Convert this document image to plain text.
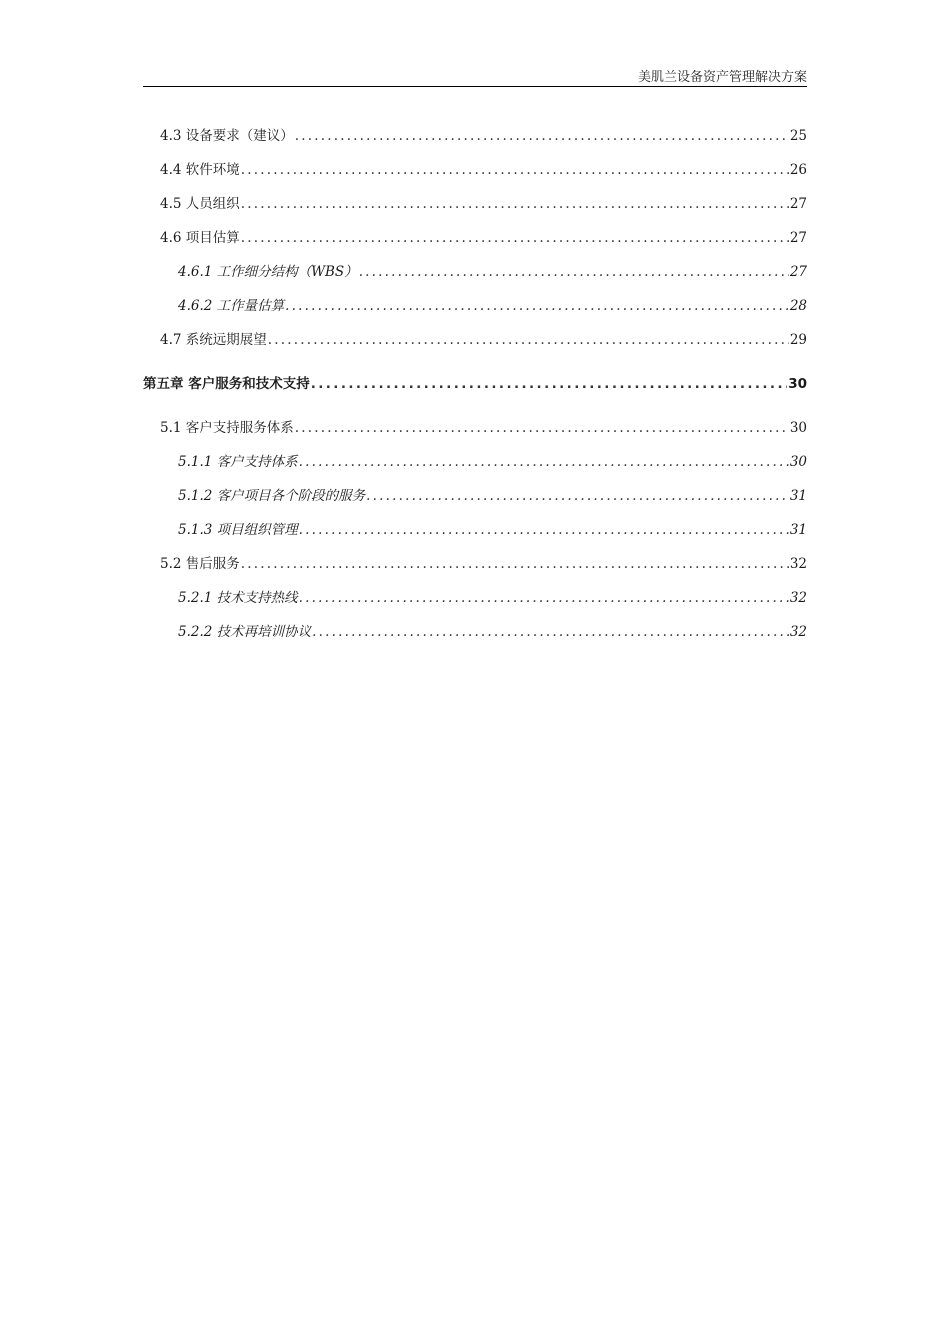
美肌兰设备资产管理解决方案
4.3 设备要求（建议） .....	25
4.4 软件环境 .....	26
4.5 人员组织 .....	27
4.6 项目估算 .....	27
4.6.1 工作细分结构（WBS） .....	27
4.6.2 工作量估算 .....	28
4.7 系统远期展望 .....	29
第五章 客户服务和技术支持 .....	30
5.1 客户支持服务体系 .....	30
5.1.1 客户支持体系 .....	30
5.1.2 客户项目各个阶段的服务 .....	31
5.1.3 项目组织管理 .....	31
5.2 售后服务 .....	32
5.2.1 技术支持热线 .....	32
5.2.2 技术再培训协议 .....	32
